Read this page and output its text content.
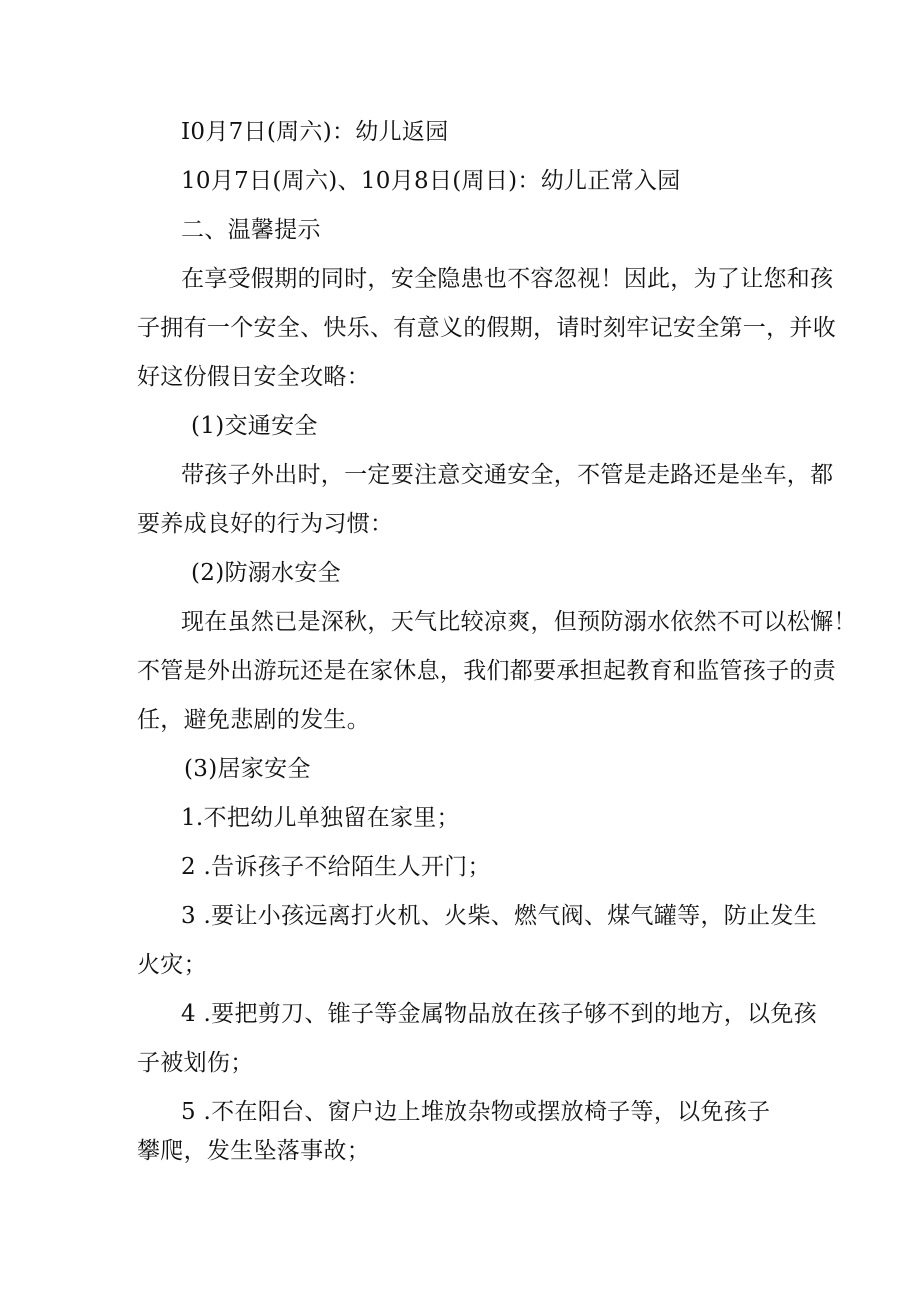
I0月7日(周六)：幼儿返园
10月7日(周六)、10月8日(周日)：幼儿正常入园
二、温馨提示
在享受假期的同时，安全隐患也不容忽视！因此，为了让您和孩
子拥有一个安全、快乐、有意义的假期，请时刻牢记安全第一，并收
好这份假日安全攻略：
(1)交通安全
带孩子外出时，一定要注意交通安全，不管是走路还是坐车，都
要养成良好的行为习惯：
(2)防溺水安全
现在虽然已是深秋，天气比较凉爽，但预防溺水依然不可以松懈！
不管是外出游玩还是在家休息，我们都要承担起教育和监管孩子的责
任，避免悲剧的发生。
(3)居家安全
1.不把幼儿单独留在家里；
2 .告诉孩子不给陌生人开门；
3 .要让小孩远离打火机、火柴、燃气阀、煤气罐等，防止发生
火灾；
4 .要把剪刀、锥子等金属物品放在孩子够不到的地方，以免孩
子被划伤；
5 .不在阳台、窗户边上堆放杂物或摆放椅子等，以免孩子
攀爬，发生坠落事故；
